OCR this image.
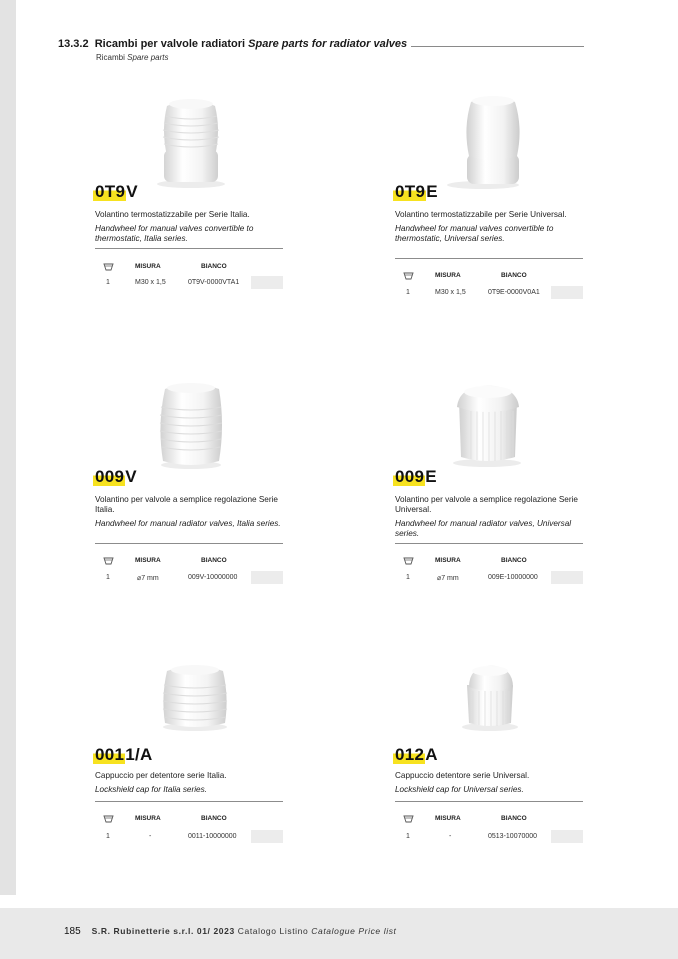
13.3.2 Ricambi per valvole radiatori Spare parts for radiator valves
Ricambi Spare parts
0T9V
Volantino termostatizzabile per Serie Italia.
Handwheel for manual valves convertible to thermostatic, Italia series.
MISURA	BIANCO
1	M30 x 1,5	0T9V-0000VTA1
0T9E
Volantino termostatizzabile per Serie Universal.
Handwheel for manual valves convertible to thermostatic, Universal series.
MISURA	BIANCO
1	M30 x 1,5	0T9E-0000V0A1
009V
Volantino per valvole a semplice regolazione Serie Italia.
Handwheel for manual radiator valves, Italia series.
MISURA	BIANCO
1	⌀7 mm	009V-10000000
009E
Volantino per valvole a semplice regolazione Serie Universal.
Handwheel for manual radiator valves, Universal series.
MISURA	BIANCO
1	⌀7 mm	009E-10000000
0011/A
Cappuccio per detentore serie Italia.
Lockshield cap for Italia series.
MISURA	BIANCO
1	-	0011-10000000
012A
Cappuccio detentore serie Universal.
Lockshield cap for Universal series.
MISURA	BIANCO
1	-	0513-10070000
185 S.R. Rubinetterie s.r.l. 01/ 2023 Catalogo Listino Catalogue Price list
